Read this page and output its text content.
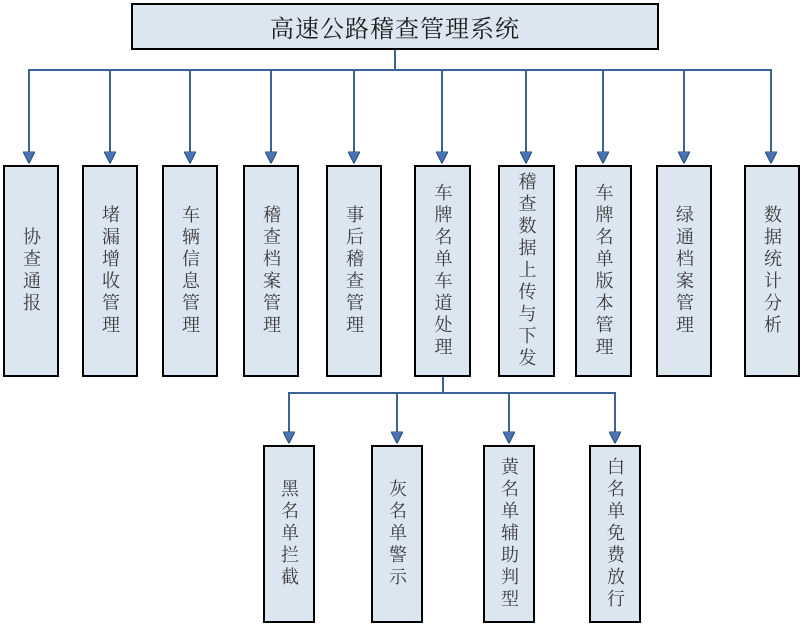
高速公路稽查管理系统
协查通报	堵漏增收管理	车辆信息管理	稽查档案管理	事后稽查管理	车牌名单车道处理	稽查数据上传与下发	车牌名单版本管理	绿通档案管理	数据统计分析
黑名单拦截	灰名单警示	黄名单辅助判型	白名单免费放行
